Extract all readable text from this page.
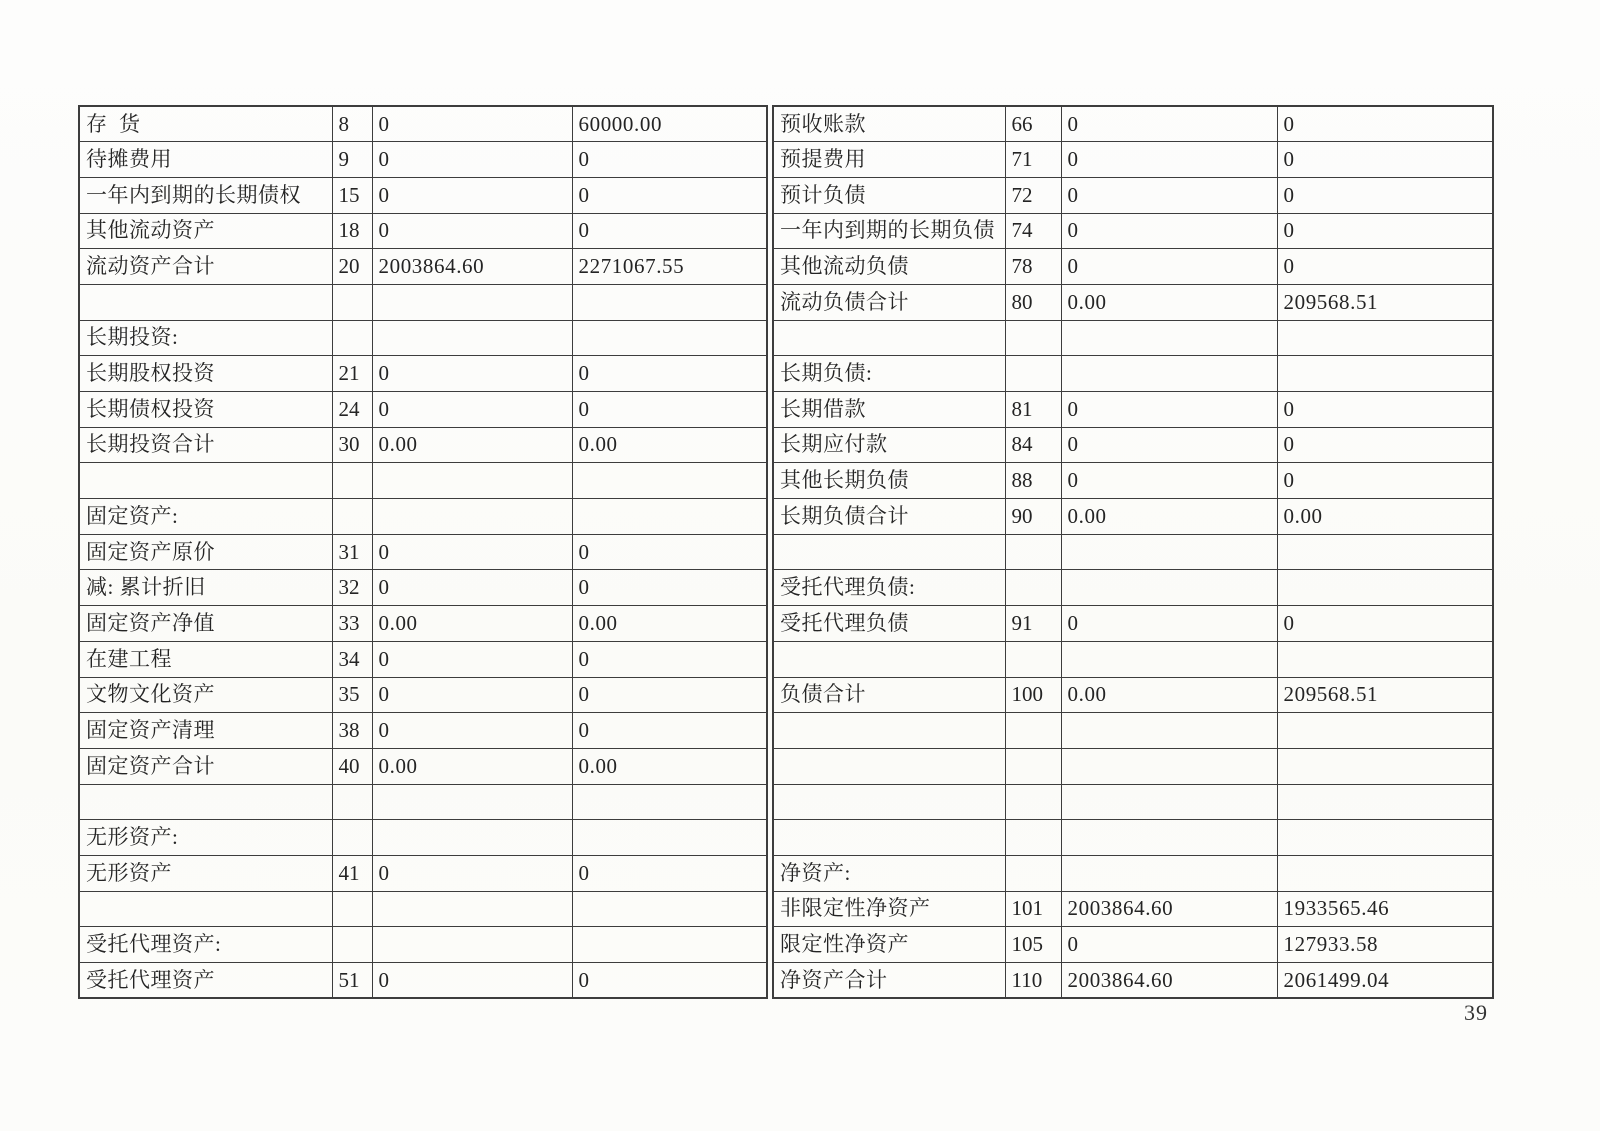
存  货	8	0	60000.00
待摊费用	9	0	0
一年内到期的长期债权	15	0	0
其他流动资产	18	0	0
流动资产合计	20	2003864.60	2271067.55

长期投资:			
长期股权投资	21	0	0
长期债权投资	24	0	0
长期投资合计	30	0.00	0.00

固定资产:			
固定资产原价	31	0	0
减: 累计折旧	32	0	0
固定资产净值	33	0.00	0.00
在建工程	34	0	0
文物文化资产	35	0	0
固定资产清理	38	0	0
固定资产合计	40	0.00	0.00

无形资产:			
无形资产	41	0	0

受托代理资产:			
受托代理资产	51	0	0
预收账款	66	0	0
预提费用	71	0	0
预计负债	72	0	0
一年内到期的长期负债	74	0	0
其他流动负债	78	0	0
流动负债合计	80	0.00	209568.51

长期负债:			
长期借款	81	0	0
长期应付款	84	0	0
其他长期负债	88	0	0
长期负债合计	90	0.00	0.00

受托代理负债:			
受托代理负债	91	0	0

负债合计	100	0.00	209568.51

净资产:			
非限定性净资产	101	2003864.60	1933565.46
限定性净资产	105	0	127933.58
净资产合计	110	2003864.60	2061499.04
39
